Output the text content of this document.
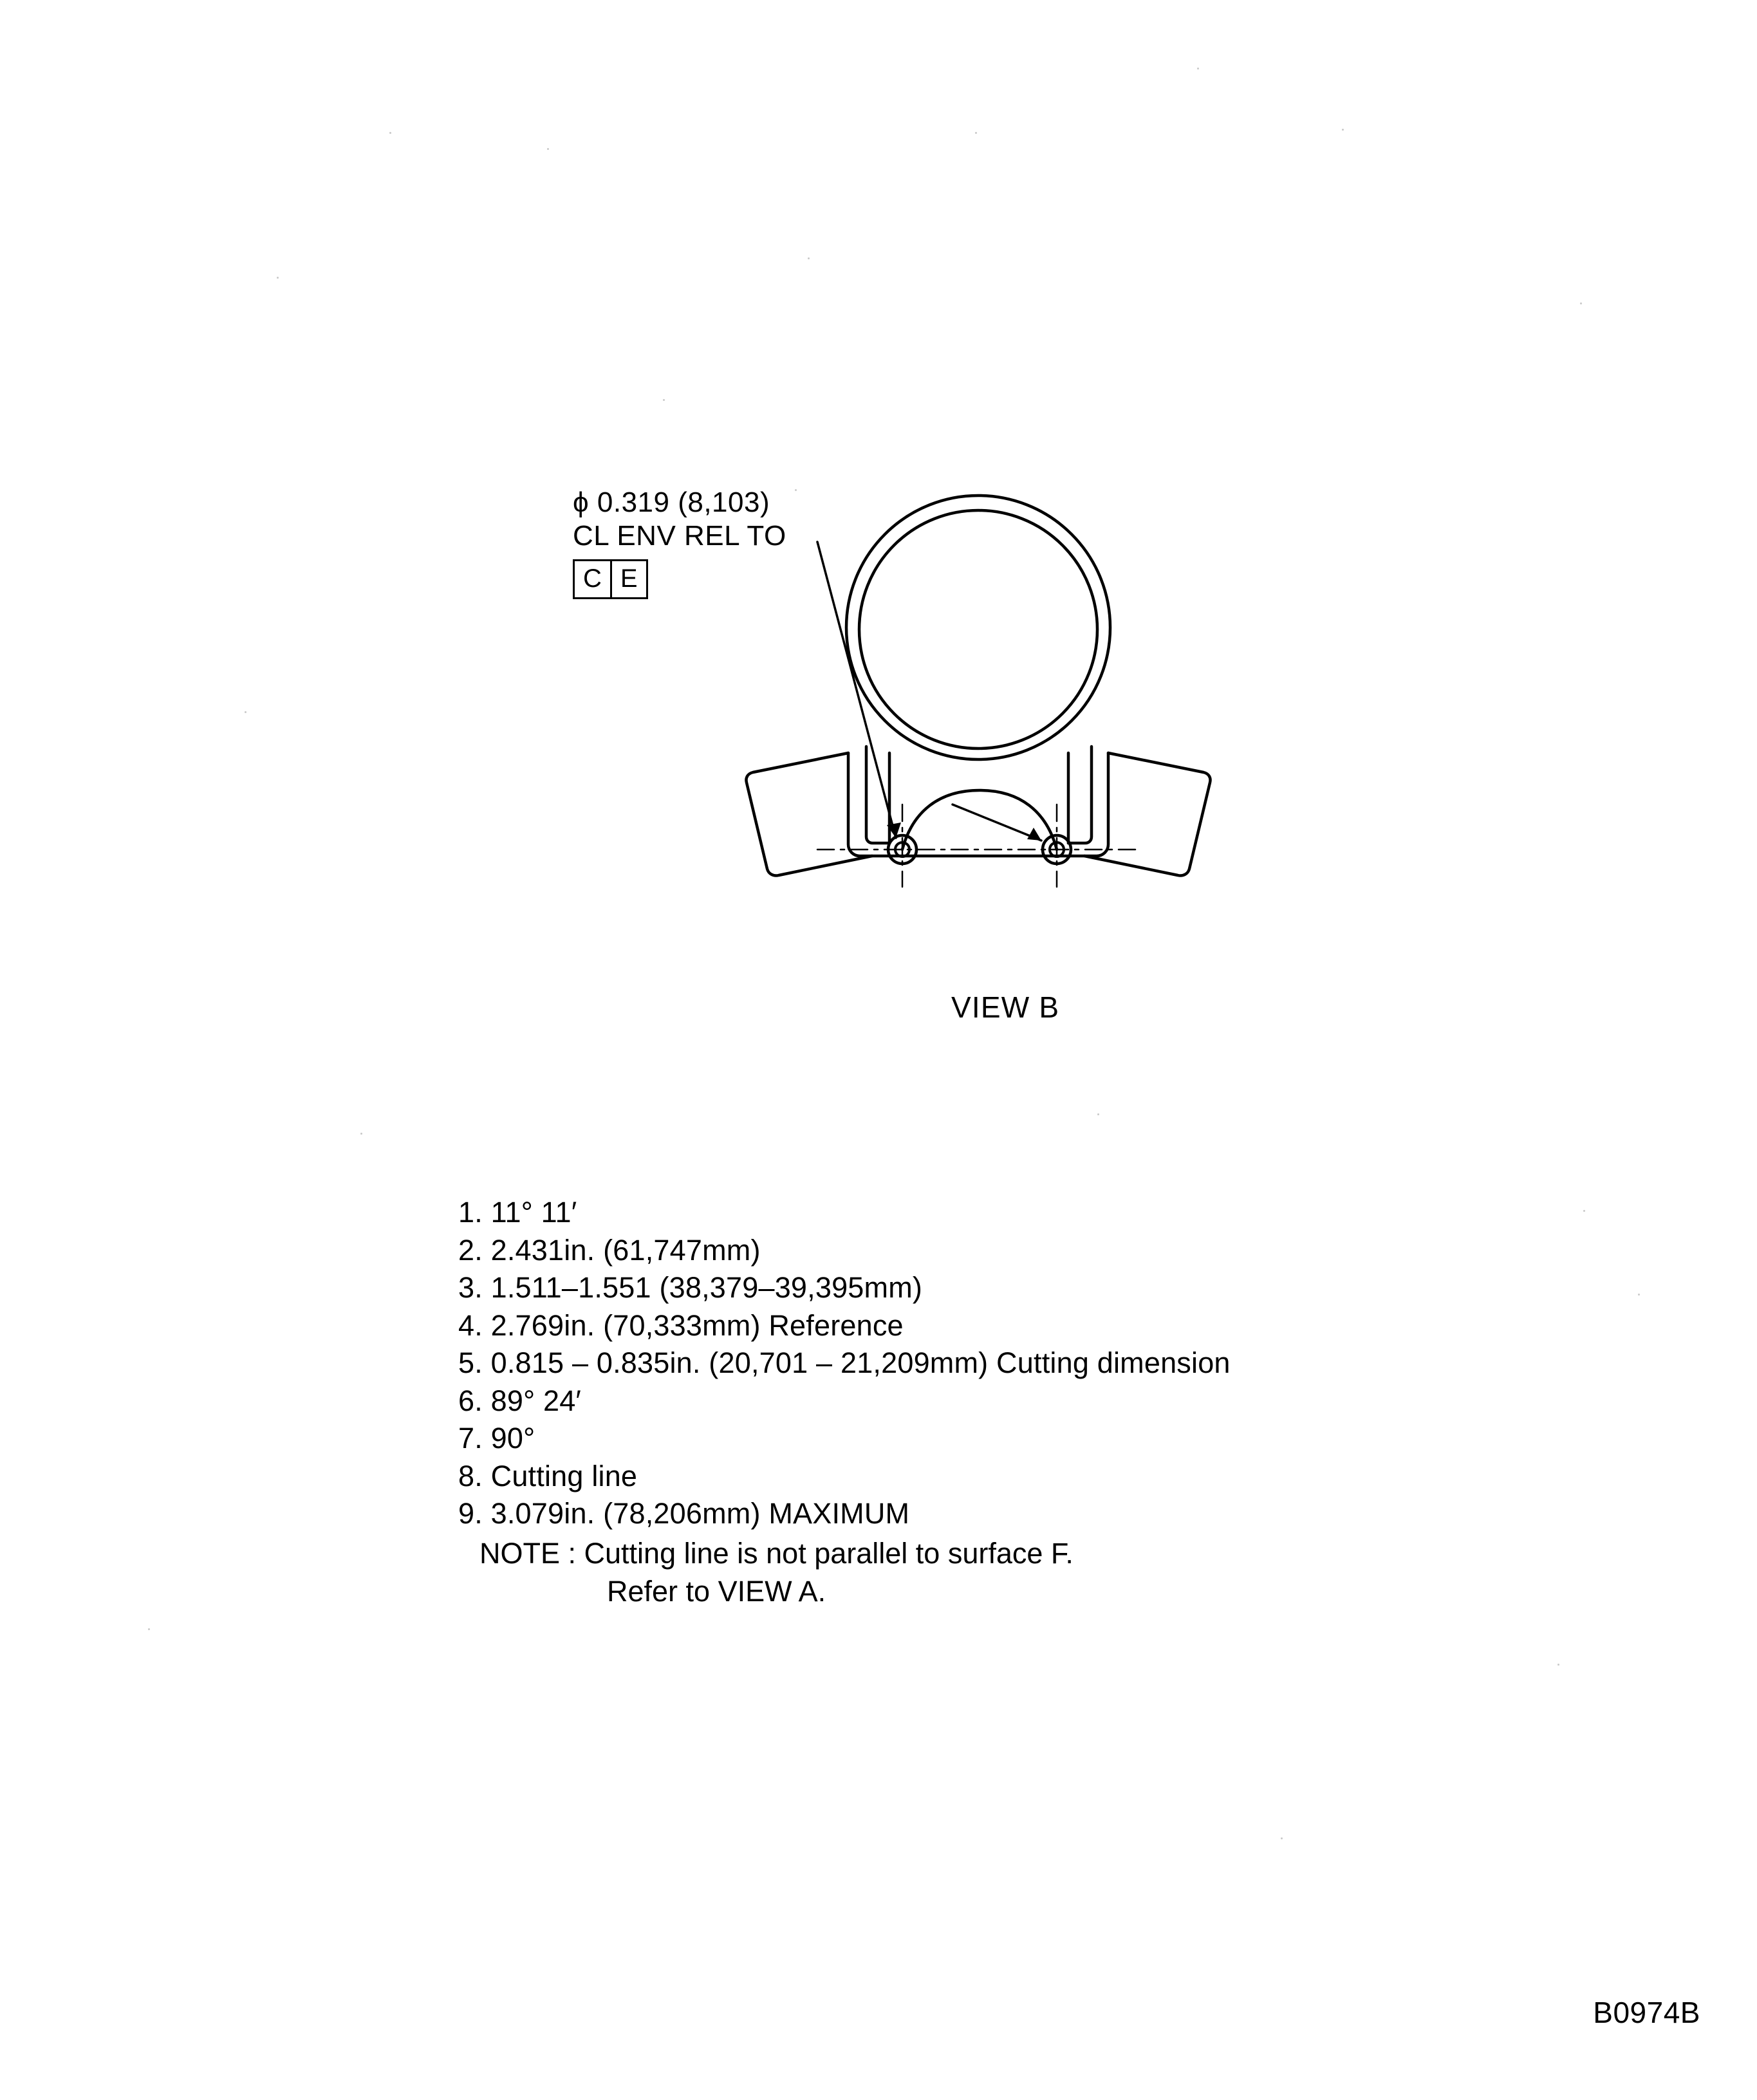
ϕ 0.319 (8,103)
CL ENV REL TO
C E
VIEW B
1. 11° 11′
2. 2.431in. (61,747mm)
3. 1.511–1.551 (38,379–39,395mm)
4. 2.769in. (70,333mm) Reference
5. 0.815 – 0.835in. (20,701 – 21,209mm) Cutting dimension
6. 89° 24′
7. 90°
8. Cutting line
9. 3.079in. (78,206mm) MAXIMUM
NOTE : Cutting line is not parallel to surface F.
Refer to VIEW A.
B0974B
